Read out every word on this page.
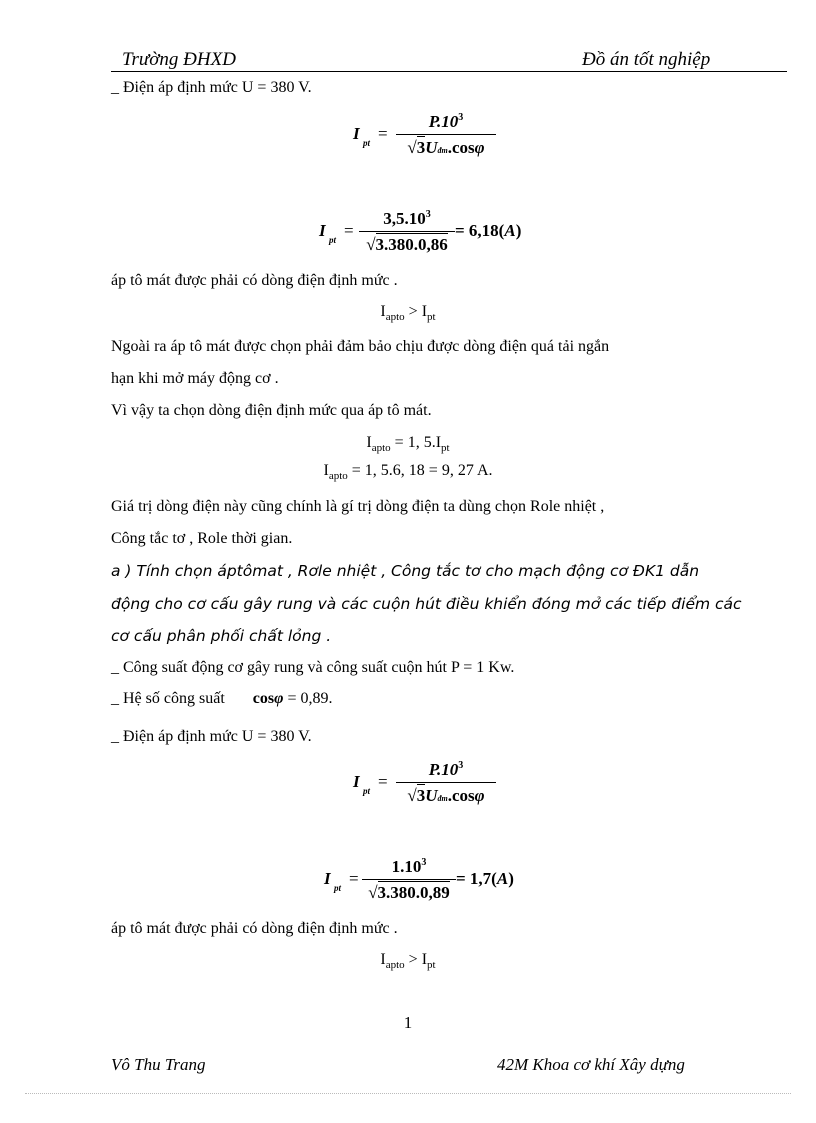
Trường ĐHXD	Đồ án tốt nghiệp
_ Điện áp định mức U = 380 V.
I pt =
$P.10^3$
√3Uđm.cosφ
I pt =
$3,5.10^3$
√3.380.0,86
= 6,18(A)
áp tô mát được phải có dòng điện định mức .
$I_{apto} > I_{pt}$
Ngoài ra áp tô mát được chọn phải đảm bảo chịu được dòng điện quá tải ngắn
hạn khi mở máy động cơ .
Vì vậy ta chọn dòng điện định mức qua áp tô mát.
$I_{apto} = 1$, $5.I_{pt}$
$I_{apto} = 1$, 5.6, 18 = 9, 27 A.
Giá trị dòng điện này cũng chính là gí trị dòng điện ta dùng chọn Role nhiệt ,
Công tắc tơ , Role thời gian.
a ) Tính chọn áptômat , Rơle nhiệt , Công tắc tơ cho mạch động cơ ĐK1 dẫn
động cho cơ cấu gây rung và các cuộn hút điều khiển đóng mở các tiếp điểm các
cơ cấu phân phối chất lỏng .
_ Công suất động cơ gây rung và công suất cuộn hút P = 1 Kw.
_ Hệ số công suất cosφ = 0,89.
_ Điện áp định mức U = 380 V.
I pt =
$P.10^3$
√3Uđm.cosφ
I pt =
$1.10^3$
√3.380.0,89
= 1,7(A)
áp tô mát được phải có dòng điện định mức .
$I_{apto} > I_{pt}$
1
Vô Thu Trang	42M Khoa cơ khí Xây dựng
